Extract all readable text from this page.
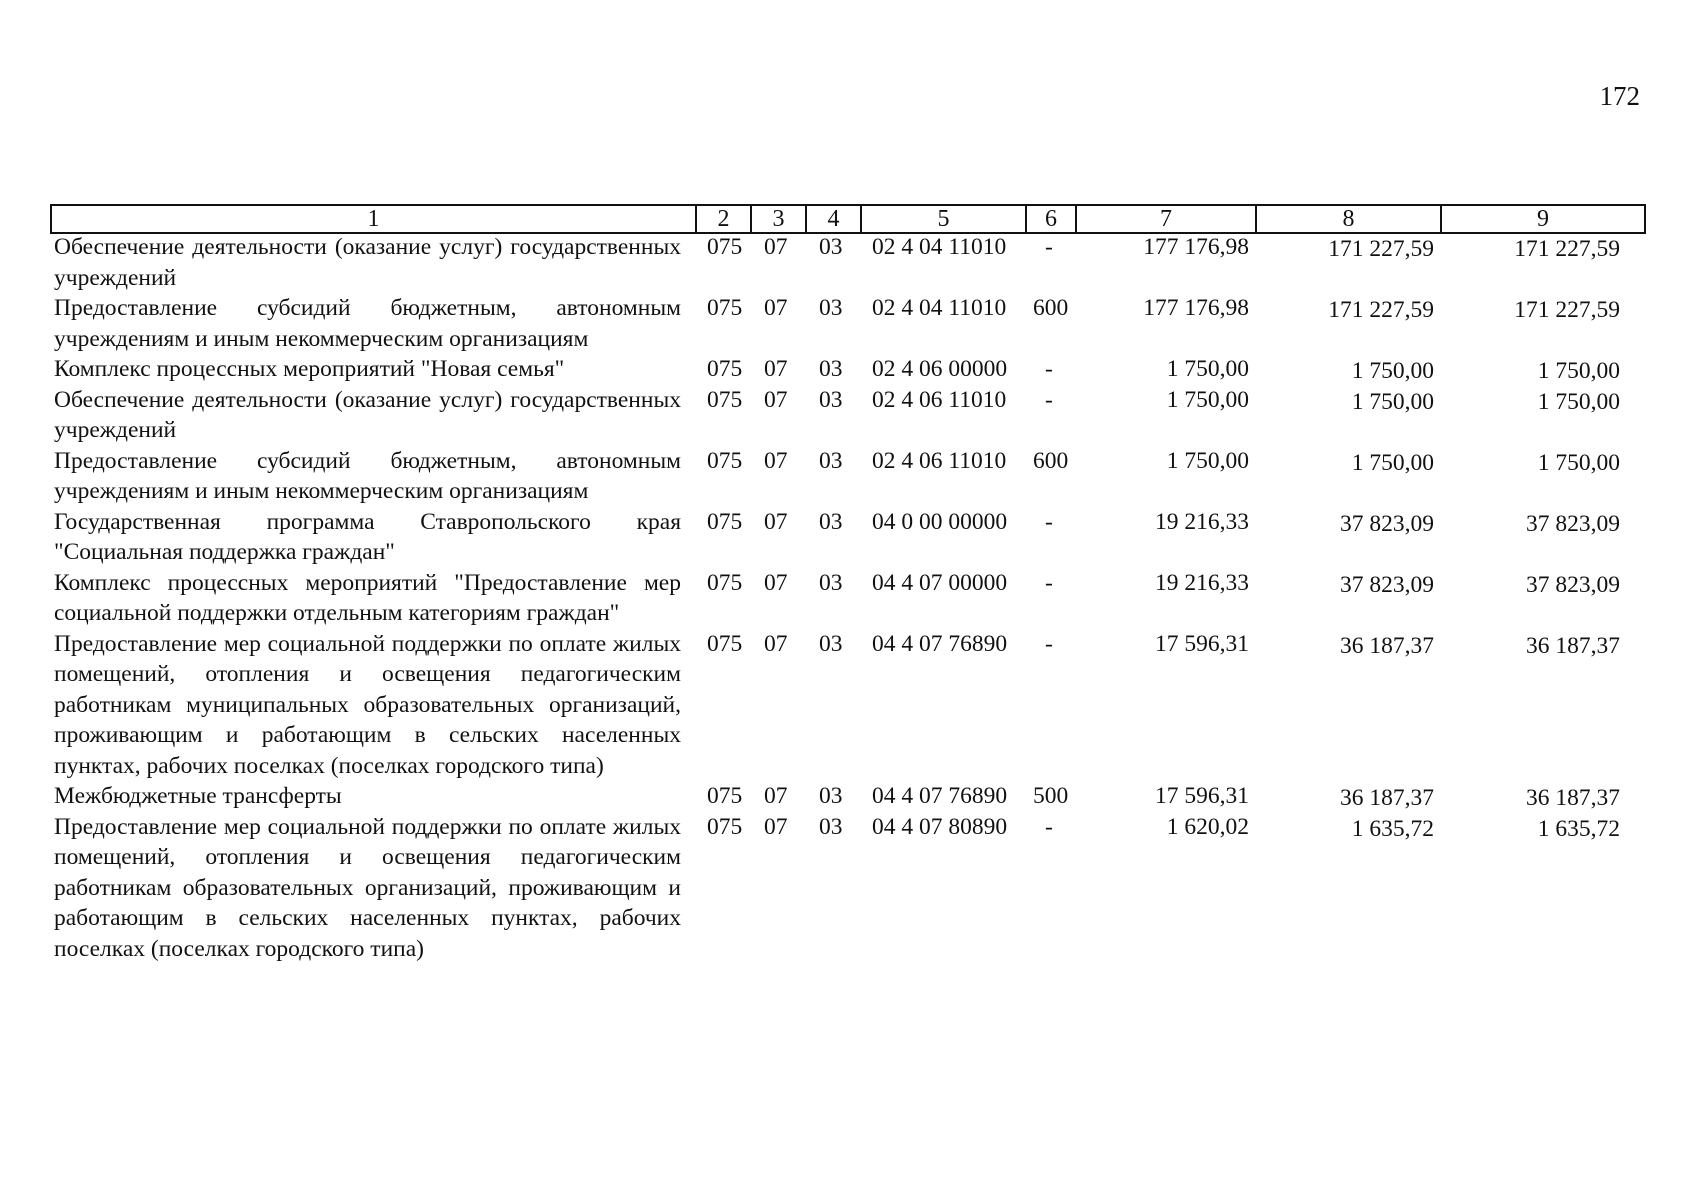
172
1	2	3	4	5	6	7	8	9
Обеспечение деятельности (оказание услуг) государственных учреждений	075	07	03	02 4 04 11010	-	177 176,98	171 227,59	171 227,59
Предоставление субсидий бюджетным, автономным учреждениям и иным некоммерческим организациям	075	07	03	02 4 04 11010	600	177 176,98	171 227,59	171 227,59
Комплекс процессных мероприятий "Новая семья"	075	07	03	02 4 06 00000	-	1 750,00	1 750,00	1 750,00
Обеспечение деятельности (оказание услуг) государственных учреждений	075	07	03	02 4 06 11010	-	1 750,00	1 750,00	1 750,00
Предоставление субсидий бюджетным, автономным учреждениям и иным некоммерческим организациям	075	07	03	02 4 06 11010	600	1 750,00	1 750,00	1 750,00
Государственная программа Ставропольского края "Социальная поддержка граждан"	075	07	03	04 0 00 00000	-	19 216,33	37 823,09	37 823,09
Комплекс процессных мероприятий "Предоставление мер социальной поддержки отдельным категориям граждан"	075	07	03	04 4 07 00000	-	19 216,33	37 823,09	37 823,09
Предоставление мер социальной поддержки по оплате жилых помещений, отопления и освещения педагогическим работникам муниципальных образовательных организаций, проживающим и работающим в сельских населенных пунктах, рабочих поселках (поселках городского типа)	075	07	03	04 4 07 76890	-	17 596,31	36 187,37	36 187,37
Межбюджетные трансферты	075	07	03	04 4 07 76890	500	17 596,31	36 187,37	36 187,37
Предоставление мер социальной поддержки по оплате жилых помещений, отопления и освещения педагогическим работникам образовательных организаций, проживающим и работающим в сельских населенных пунктах, рабочих поселках (поселках городского типа)	075	07	03	04 4 07 80890	-	1 620,02	1 635,72	1 635,72
